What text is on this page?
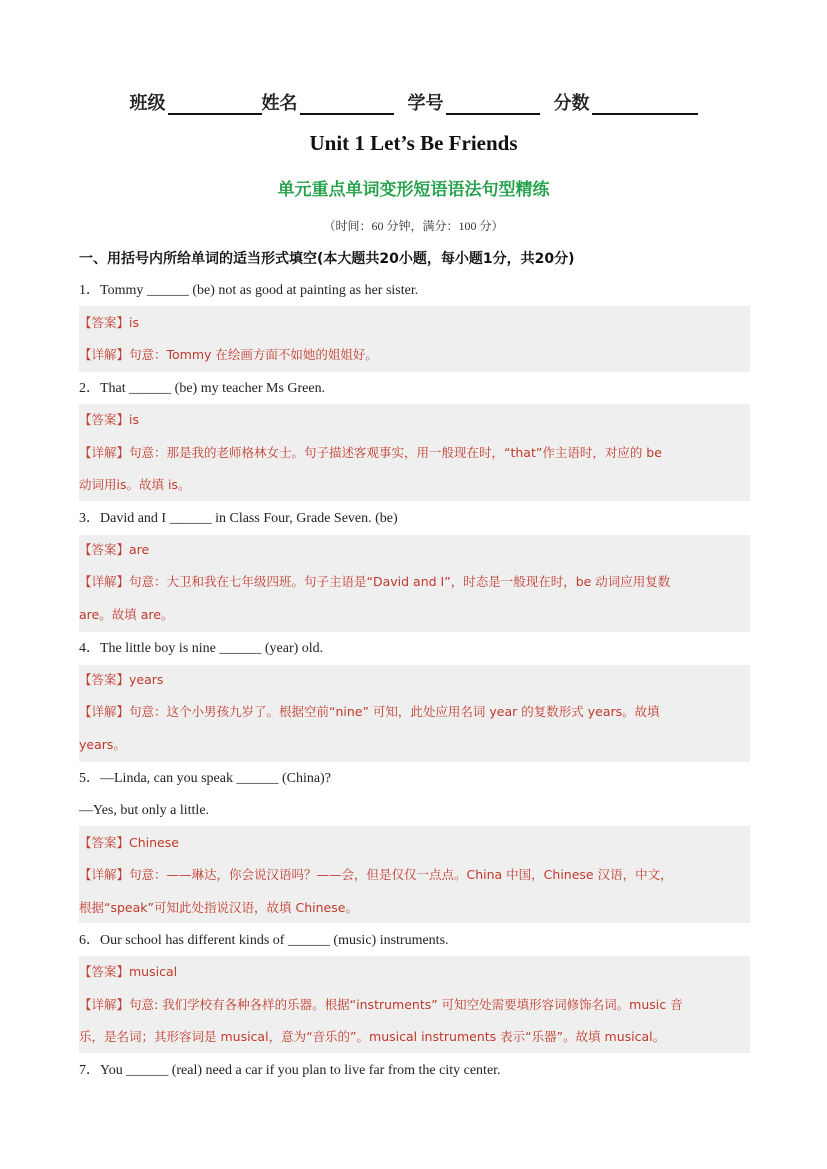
班级	姓名	学号	分数
Unit 1 Let’s Be Friends
单元重点单词变形短语语法句型精练
（时间：60 分钟，满分：100 分）
一、用括号内所给单词的适当形式填空(本大题共20小题，每小题1分，共20分)
1．Tommy ______ (be) not as good at painting as her sister.
【答案】is
【详解】句意：Tommy 在绘画方面不如她的姐姐好。
2．That ______ (be) my teacher Ms Green.
【答案】is
【详解】句意：那是我的老师格林女士。句子描述客观事实，用一般现在时，“that”作主语时，对应的 be
动词用is。故填 is。
3．David and I ______ in Class Four, Grade Seven. (be)
【答案】are
【详解】句意：大卫和我在七年级四班。句子主语是“David and I”，时态是一般现在时，be 动词应用复数
are。故填 are。
4．The little boy is nine ______ (year) old.
【答案】years
【详解】句意：这个小男孩九岁了。根据空前“nine” 可知，此处应用名词 year 的复数形式 years。故填
years。
5．—Linda, can you speak ______ (China)?
—Yes, but only a little.
【答案】Chinese
【详解】句意：——琳达，你会说汉语吗？——会，但是仅仅一点点。China 中国，Chinese 汉语，中文，
根据“speak”可知此处指说汉语，故填 Chinese。
6．Our school has different kinds of ______ (music) instruments.
【答案】musical
【详解】句意: 我们学校有各种各样的乐器。根据“instruments” 可知空处需要填形容词修饰名词。music 音
乐，是名词；其形容词是 musical，意为“音乐的”。musical instruments 表示“乐器”。故填 musical。
7．You ______ (real) need a car if you plan to live far from the city center.
